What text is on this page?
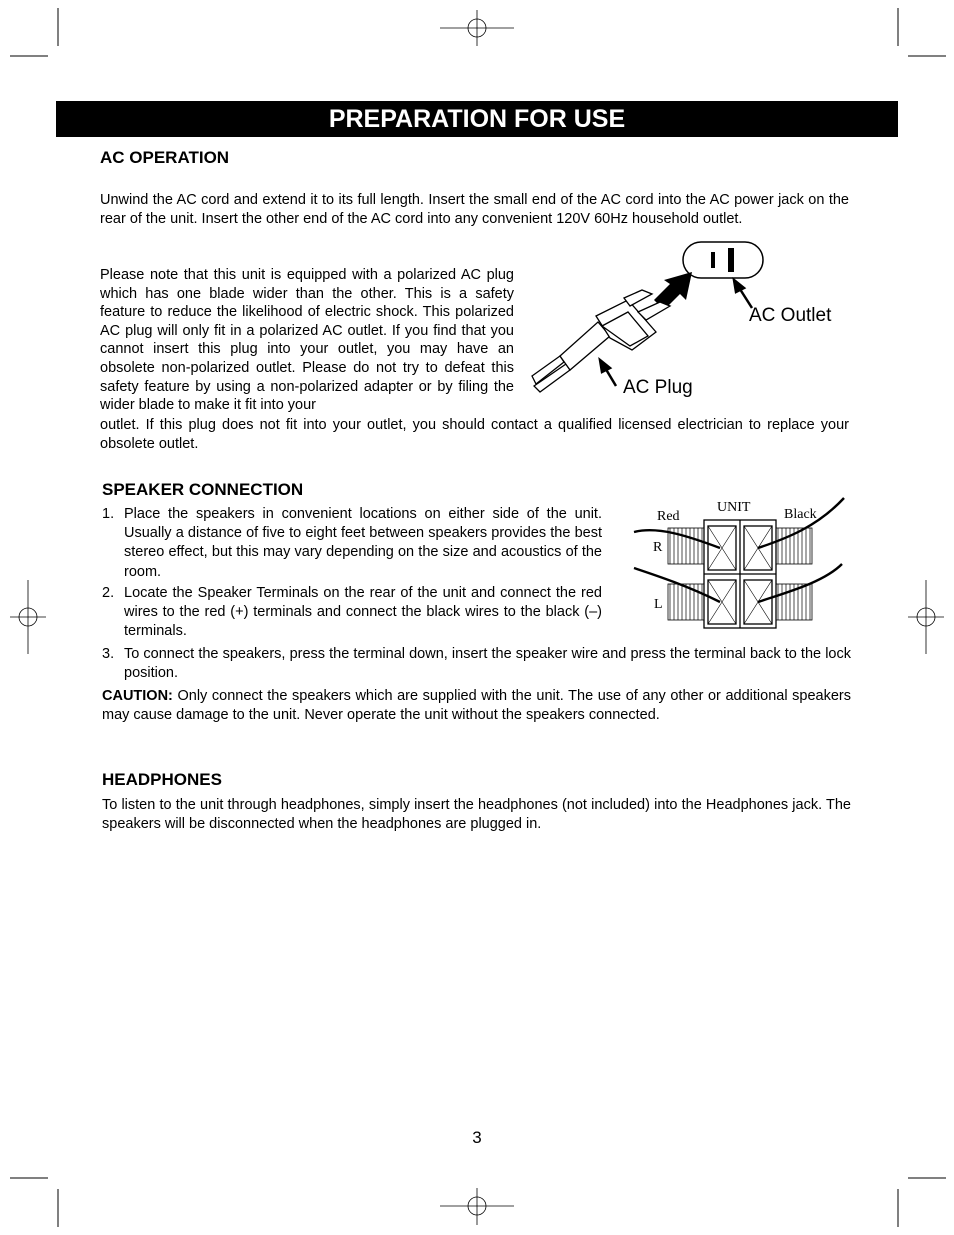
PREPARATION FOR USE
AC OPERATION

Unwind the AC cord and extend it to its full length. Insert the small end of the AC cord into the AC power jack on the rear of the unit. Insert the other end of the AC cord into any convenient 120V 60Hz household outlet.

Please note that this unit is equipped with a polarized AC plug which has one blade wider than the other. This is a safety feature to reduce the likelihood of electric shock. This polarized AC plug will only fit in a polarized AC outlet. If you find that you cannot insert this plug into your outlet, you may have an obsolete non-polarized outlet. Please do not try to defeat this safety feature by using a non-polarized adapter or by filing the wider blade to make it fit into your

outlet. If this plug does not fit into your outlet, you should contact a qualified licensed electrician to replace your obsolete outlet.

AC Outlet
AC Plug
SPEAKER CONNECTION
1. Place the speakers in convenient locations on either side of the unit. Usually a distance of five to eight feet between speakers provides the best stereo effect, but this may vary depending on the size and acoustics of the room.
2. Locate the Speaker Terminals on the rear of the unit and connect the red wires to the red (+) terminals and connect the black wires to the black (–) terminals.
3. To connect the speakers, press the terminal down, insert the speaker wire and press the terminal back to the lock position.

CAUTION: Only connect the speakers which are supplied with the unit. The use of any other or additional speakers may cause damage to the unit. Never operate the unit without the speakers connected.

UNIT
Red	Black
R
L
HEADPHONES

To listen to the unit through headphones, simply insert the headphones (not included) into the Headphones jack. The speakers will be disconnected when the headphones are plugged in.

3
